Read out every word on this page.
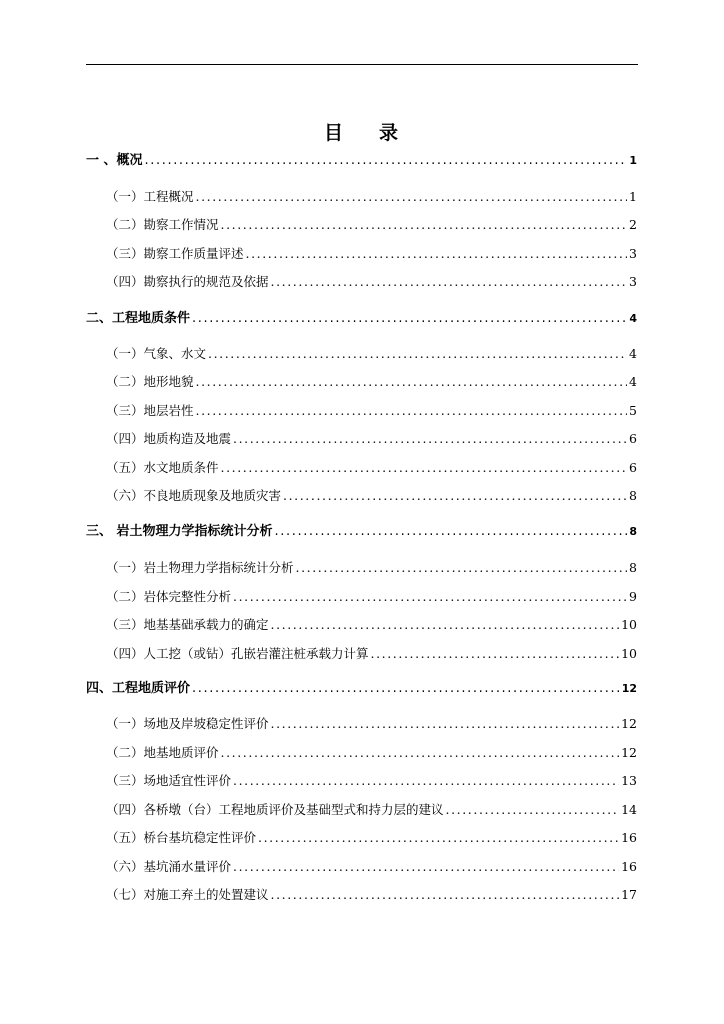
目 录
一 、概况 .....	1
（一）工程概况 .....	1
（二）勘察工作情况 .....	2
（三）勘察工作质量评述 .....	3
（四）勘察执行的规范及依据 .....	3
二、工程地质条件 .....	4
（一）气象、水文 .....	4
（二）地形地貌 .....	4
（三）地层岩性 .....	5
（四）地质构造及地震 .....	6
（五）水文地质条件 .....	6
（六）不良地质现象及地质灾害 .....	8
三、 岩土物理力学指标统计分析 .....	8
（一）岩土物理力学指标统计分析 .....	8
（二）岩体完整性分析 .....	9
（三）地基基础承载力的确定 .....	10
（四）人工挖（或钻）孔嵌岩灌注桩承载力计算 .....	10
四、工程地质评价 .....	12
（一）场地及岸坡稳定性评价 .....	12
（二）地基地质评价 .....	12
（三）场地适宜性评价 .....	13
（四）各桥墩（台）工程地质评价及基础型式和持力层的建议 .....	14
（五）桥台基坑稳定性评价 .....	16
（六）基坑涌水量评价 .....	16
（七）对施工弃土的处置建议 .....	17
